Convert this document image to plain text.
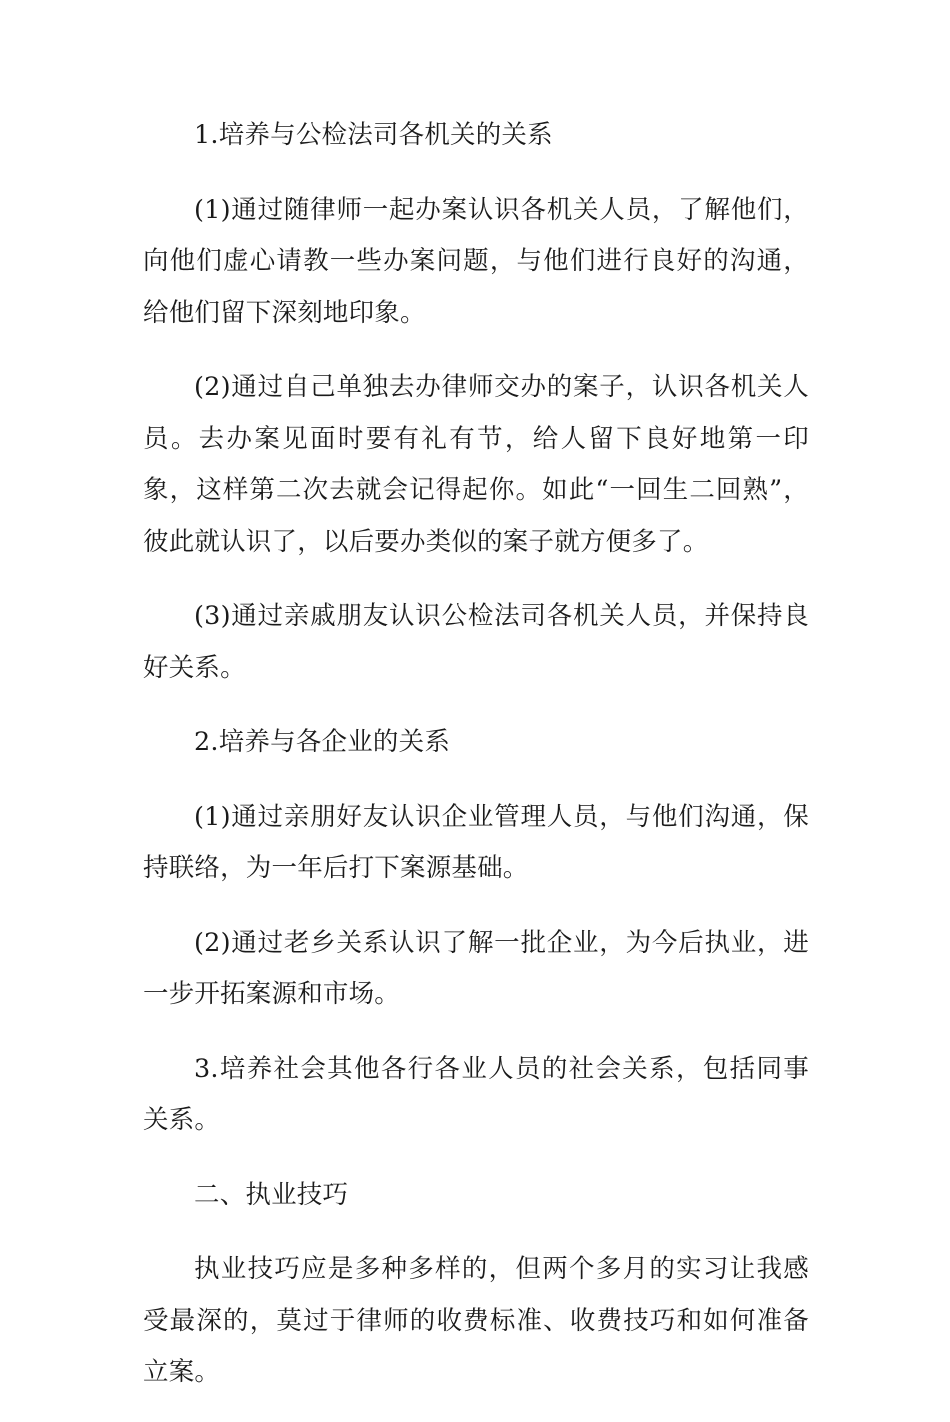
1.培养与公检法司各机关的关系

(1)通过随律师一起办案认识各机关人员，了解他们，向他们虚心请教一些办案问题，与他们进行良好的沟通，给他们留下深刻地印象。

(2)通过自己单独去办律师交办的案子，认识各机关人员。去办案见面时要有礼有节，给人留下良好地第一印象，这样第二次去就会记得起你。如此“一回生二回熟”，彼此就认识了，以后要办类似的案子就方便多了。

(3)通过亲戚朋友认识公检法司各机关人员，并保持良好关系。

2.培养与各企业的关系

(1)通过亲朋好友认识企业管理人员，与他们沟通，保持联络，为一年后打下案源基础。

(2)通过老乡关系认识了解一批企业，为今后执业，进一步开拓案源和市场。

3.培养社会其他各行各业人员的社会关系，包括同事关系。

二、执业技巧

执业技巧应是多种多样的，但两个多月的实习让我感受最深的，莫过于律师的收费标准、收费技巧和如何准备立案。
